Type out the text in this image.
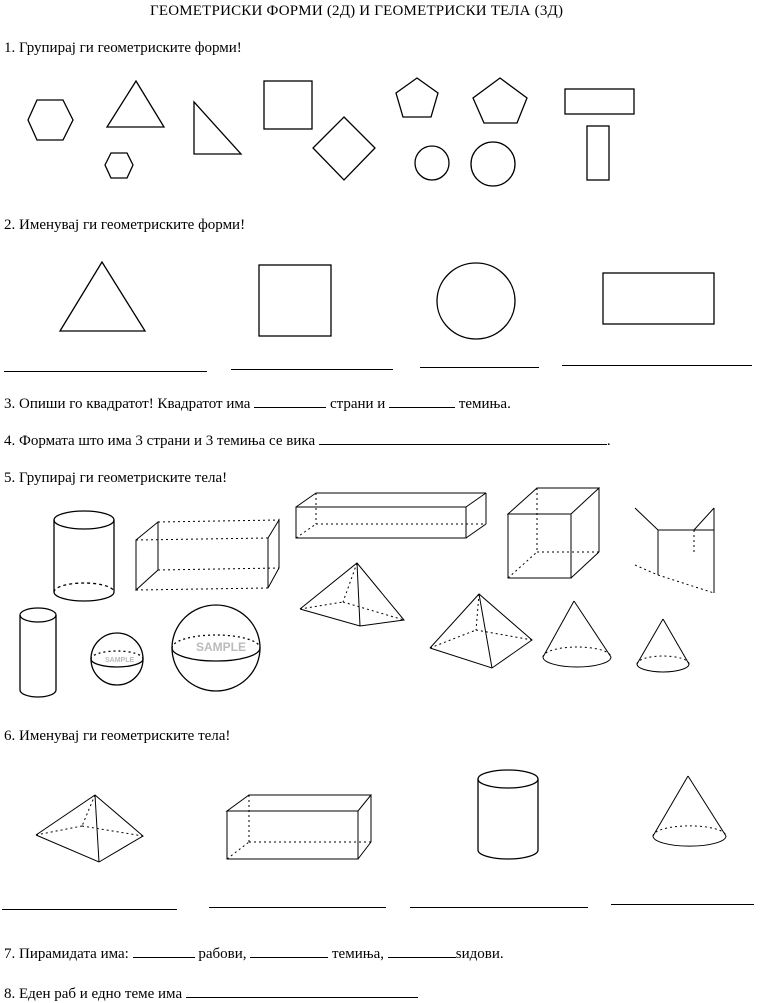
ГЕОМЕТРИСКИ ФОРМИ (2Д) И ГЕОМЕТРИСКИ ТЕЛА (3Д)
1. Групирај ги геометриските форми!
2. Именувај ги геометриските форми!
3. Опиши го квадратот! Квадратот има	страни и	темиња.
4. Формата што има 3 страни и 3 темиња се вика	.
5. Групирај ги геометриските тела!
6. Именувај ги геометриските тела!
7. Пирамидата има:	рабови,	темиња,	ѕидови.
8. Еден раб и едно теме има
SAMPLE
SAMPLE
